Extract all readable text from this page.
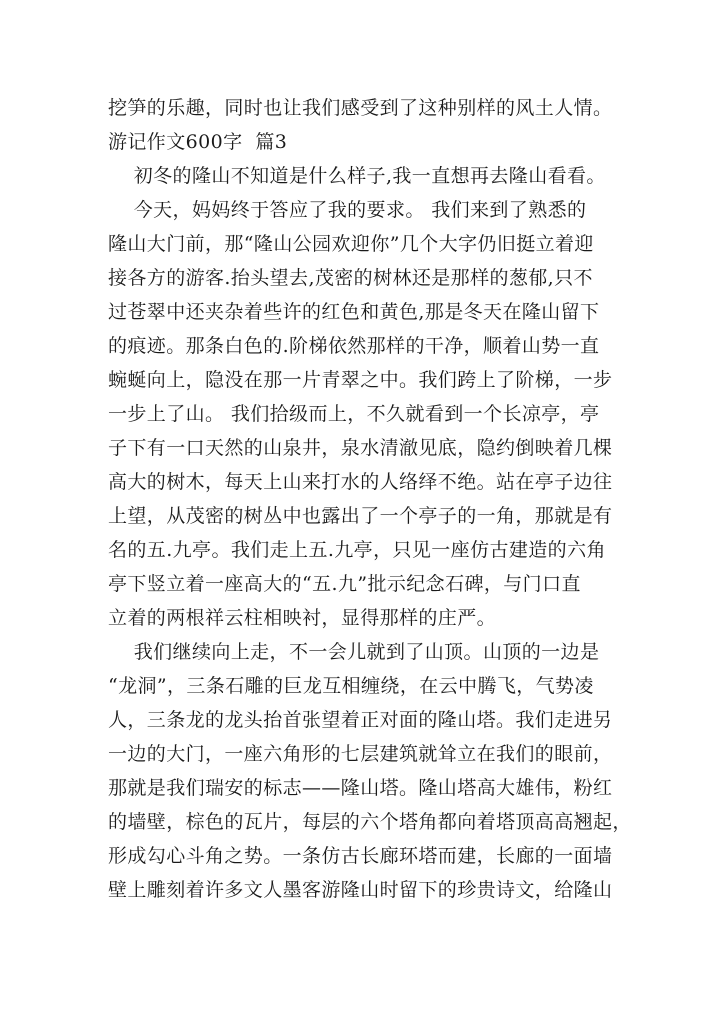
挖笋的乐趣，同时也让我们感受到了这种别样的风土人情。
游记作文600字  篇3
初冬的隆山不知道是什么样子,我一直想再去隆山看看。
今天，妈妈终于答应了我的要求。 我们来到了熟悉的
隆山大门前，那“隆山公园欢迎你”几个大字仍旧挺立着迎
接各方的游客.抬头望去,茂密的树林还是那样的葱郁,只不
过苍翠中还夹杂着些许的红色和黄色,那是冬天在隆山留下
的痕迹。那条白色的.阶梯依然那样的干净，顺着山势一直
蜿蜒向上，隐没在那一片青翠之中。我们跨上了阶梯，一步
一步上了山。 我们拾级而上，不久就看到一个长凉亭，亭
子下有一口天然的山泉井，泉水清澈见底，隐约倒映着几棵
高大的树木，每天上山来打水的人络绎不绝。站在亭子边往
上望，从茂密的树丛中也露出了一个亭子的一角，那就是有
名的五.九亭。我们走上五.九亭，只见一座仿古建造的六角
亭下竖立着一座高大的“五.九”批示纪念石碑，与门口直
立着的两根祥云柱相映衬，显得那样的庄严。
我们继续向上走，不一会儿就到了山顶。山顶的一边是
“龙洞”，三条石雕的巨龙互相缠绕，在云中腾飞，气势凌
人，三条龙的龙头抬首张望着正对面的隆山塔。我们走进另
一边的大门，一座六角形的七层建筑就耸立在我们的眼前，
那就是我们瑞安的标志——隆山塔。隆山塔高大雄伟，粉红
的墙壁，棕色的瓦片，每层的六个塔角都向着塔顶高高翘起，
形成勾心斗角之势。一条仿古长廊环塔而建，长廊的一面墙
壁上雕刻着许多文人墨客游隆山时留下的珍贵诗文，给隆山
